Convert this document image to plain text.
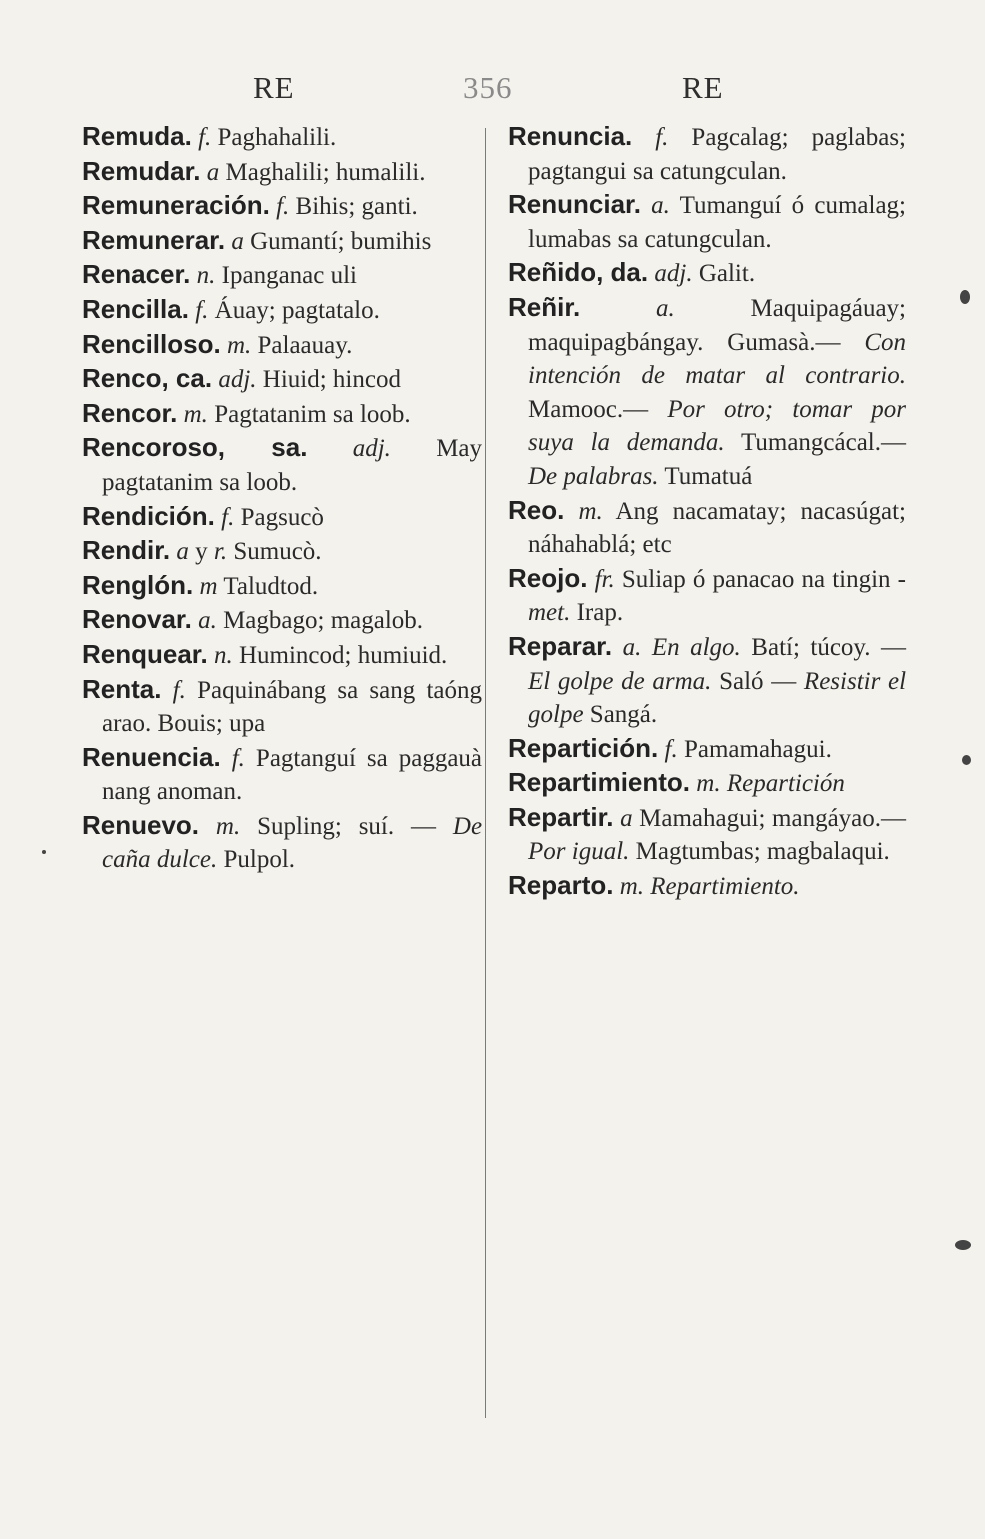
RE	356	RE

Remuda. f. Paghahalili.

Remudar. a Maghalili; humalili.

Remuneración. f. Bihis; ganti.

Remunerar. a Gumantí; bumihis

Renacer. n. Ipanganac uli

Rencilla. f. Áuay; pagtatalo.

Rencilloso. m. Palaauay.

Renco, ca. adj. Hiuid; hincod

Rencor. m. Pagtatanim sa loob.

Rencoroso, sa. adj. May pagtatanim sa loob.

Rendición. f. Pagsucò

Rendir. a y r. Sumucò.

Renglón. m Taludtod.

Renovar. a. Magbago; magalob.

Renquear. n. Humincod; humiuid.

Renta. f. Paquinábang sa sang taóng arao. Bouis; upa

Renuencia. f. Pagtanguí sa paggauà nang anoman.

Renuevo. m. Supling; suí. — De caña dulce. Pulpol.

Renuncia. f. Pagcalag; paglabas; pagtangui sa catungculan.

Renunciar. a. Tumanguí ó cumalag; lumabas sa catungculan.

Reñido, da. adj. Galit.

Reñir.	a.	Maquipagáuay; maquipagbángay. Gumasà.— Con intención de matar al contrario. Mamooc.— Por otro; tomar por suya la demanda. Tumangcácal.— De palabras. Tumatuá

Reo. m. Ang nacamatay; nacasúgat; náhahablá; etc

Reojo. fr. Suliap ó panacao na tingin - met. Irap.

Reparar. a. En algo. Batí; túcoy. — El golpe de arma. Saló — Resistir el golpe Sangá.

Repartición. f. Pamamahagui.

Repartimiento. m. Repartición

Repartir. a Mamahagui; mangáyao.— Por igual. Magtumbas; magbalaqui.

Reparto. m. Repartimiento.
